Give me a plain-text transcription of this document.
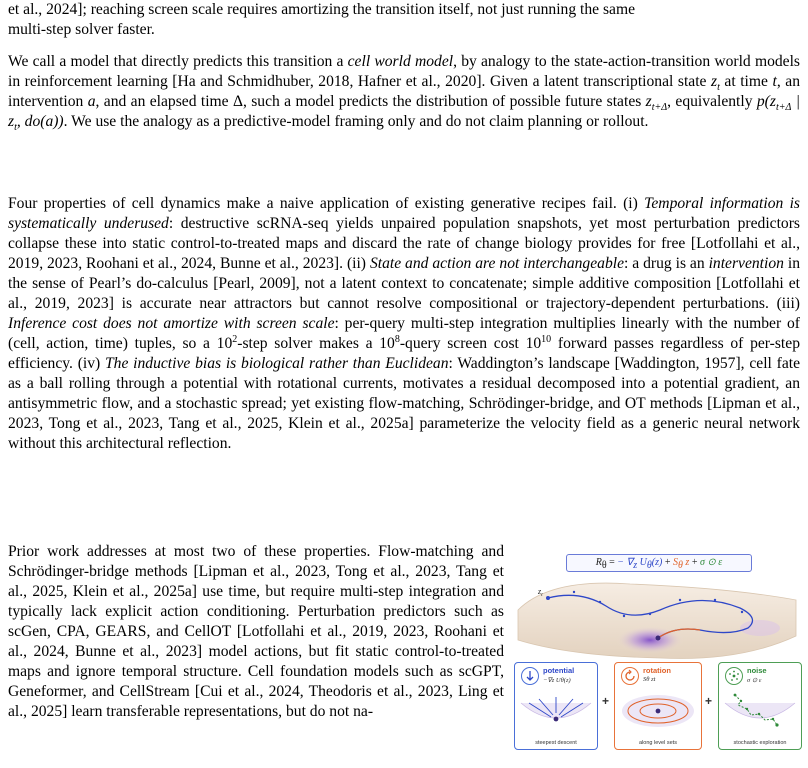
et al., 2024]; reaching screen scale requires amortizing the transition itself, not just running the same
multi-step solver faster.

We call a model that directly predicts this transition a cell world model, by analogy to the state-action-transition world models in reinforcement learning [Ha and Schmidhuber, 2018, Hafner et al., 2020]. Given a latent transcriptional state $z_t$ at time t, an intervention a, and an elapsed time Δ, such a model predicts the distribution of possible future states $z_{t+\Delta}$, equivalently $p(z_{t+\Delta}$ | $z_t$, do(a)). We use the analogy as a predictive-model framing only and do not claim planning or rollout.

Four properties of cell dynamics make a naive application of existing generative recipes fail. (i) Temporal information is systematically underused: destructive scRNA-seq yields unpaired population snapshots, yet most perturbation predictors collapse these into static control-to-treated maps and discard the rate of change biology provides for free [Lotfollahi et al., 2019, 2023, Roohani et al., 2024, Bunne et al., 2023]. (ii) State and action are not interchangeable: a drug is an intervention in the sense of Pearl’s do-calculus [Pearl, 2009], not a latent context to concatenate; simple additive composition [Lotfollahi et al., 2019, 2023] is accurate near attractors but cannot resolve compositional or trajectory-dependent perturbations. (iii) Inference cost does not amortize with screen scale: per-query multi-step integration multiplies linearly with the number of (cell, action, time) tuples, so a $10^2$-step solver makes a $10^8$-query screen cost $10^{10}$ forward passes regardless of per-step efficiency. (iv) The inductive bias is biological rather than Euclidean: Waddington’s landscape [Waddington, 1957], cell fate as a ball rolling through a potential with rotational currents, motivates a residual decomposed into a potential gradient, an antisymmetric flow, and a stochastic spread; yet existing flow-matching, Schrödinger-bridge, and OT methods [Lipman et al., 2023, Tong et al., 2023, Tang et al., 2025, Klein et al., 2025a] parameterize the velocity field as a generic neural network without this architectural reflection.

Prior work addresses at most two of these properties. Flow-matching and Schrödinger-bridge methods [Lipman et al., 2023, Tong et al., 2023, Tang et al., 2025, Klein et al., 2025a] use time, but require multi-step integration and typically lack explicit action conditioning. Perturbation predictors such as scGen, CPA, GEARS, and CellOT [Lotfollahi et al., 2019, 2023, Roohani et al., 2024, Bunne et al., 2023] model actions, but fit static control-to-treated maps and ignore temporal structure. Cell foundation models such as scGPT, Geneformer, and CellStream [Cui et al., 2024, Theodoris et al., 2023, Ling et al., 2025] learn transferable representations, but do not na-

$R_\theta$ = − $\nabla_z$ $U_\theta(z) + S_\theta$ z + σ ⊙ ε
$z_t$
potential
−∇z Uθ(z)
steepest descent
+
rotation
Sθ zt
along level sets
+
noise
σ ⊙ ε
stochastic exploration
